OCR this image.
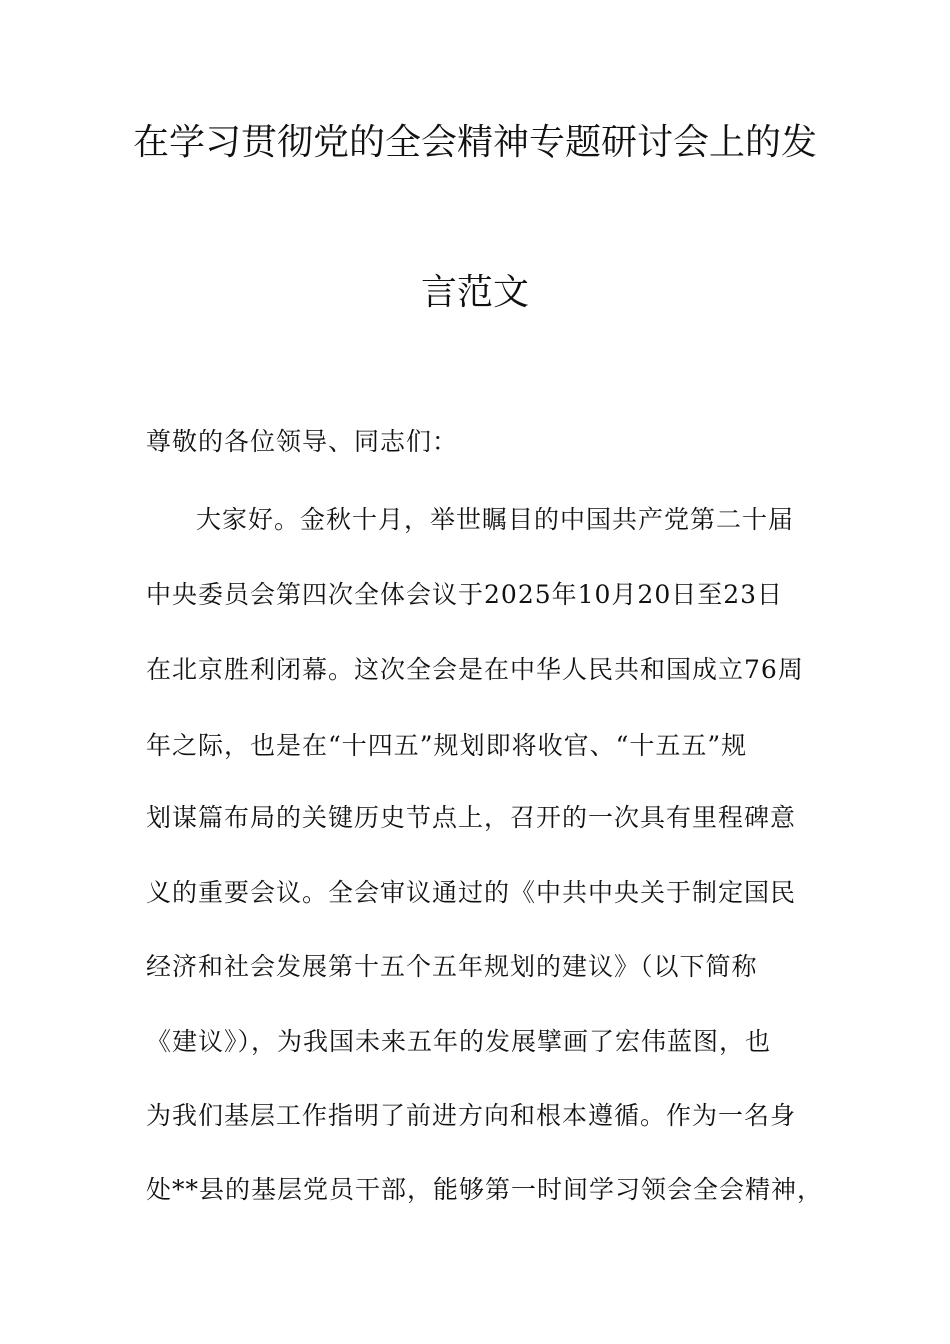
在学习贯彻党的全会精神专题研讨会上的发
言范文
尊敬的各位领导、同志们：
大家好。金秋十月，举世瞩目的中国共产党第二十届
中央委员会第四次全体会议于2025年10月20日至23日
在北京胜利闭幕。这次全会是在中华人民共和国成立76周
年之际，也是在“十四五”规划即将收官、“十五五”规
划谋篇布局的关键历史节点上，召开的一次具有里程碑意
义的重要会议。全会审议通过的《中共中央关于制定国民
经济和社会发展第十五个五年规划的建议》（以下简称
《建议》），为我国未来五年的发展擘画了宏伟蓝图，也
为我们基层工作指明了前进方向和根本遵循。作为一名身
处**县的基层党员干部，能够第一时间学习领会全会精神，
